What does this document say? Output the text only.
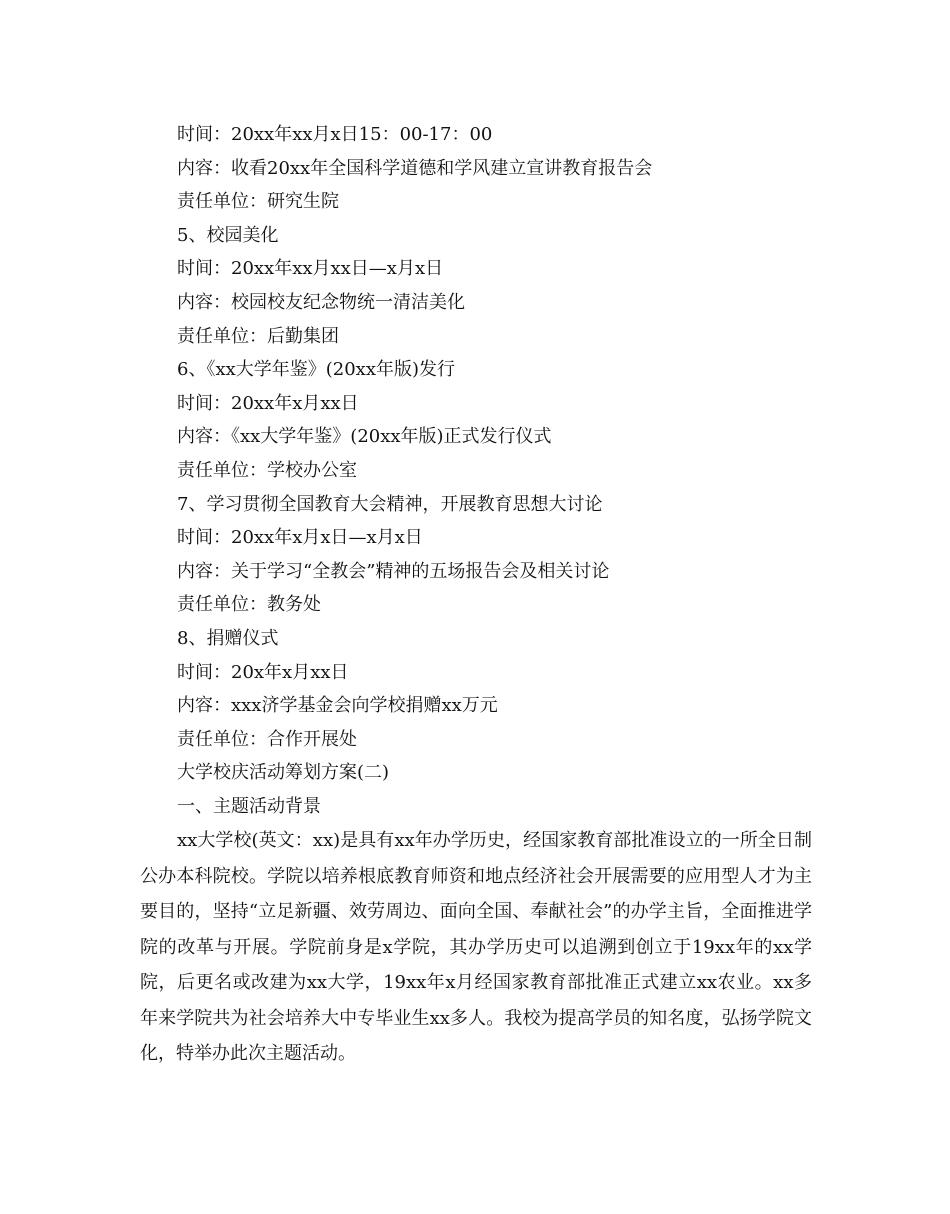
时间：20xx年xx月x日15：00-17：00
内容：收看20xx年全国科学道德和学风建立宣讲教育报告会
责任单位：研究生院
5、校园美化
时间：20xx年xx月xx日—x月x日
内容：校园校友纪念物统一清洁美化
责任单位：后勤集团
6、《xx大学年鉴》(20xx年版)发行
时间：20xx年x月xx日
内容：《xx大学年鉴》(20xx年版)正式发行仪式
责任单位：学校办公室
7、学习贯彻全国教育大会精神，开展教育思想大讨论
时间：20xx年x月x日—x月x日
内容：关于学习“全教会”精神的五场报告会及相关讨论
责任单位：教务处
8、捐赠仪式
时间：20x年x月xx日
内容：xxx济学基金会向学校捐赠xx万元
责任单位：合作开展处
大学校庆活动筹划方案(二)
一、主题活动背景

xx大学校(英文：xx)是具有xx年办学历史，经国家教育部批准设立的一所全日制公办本科院校。学院以培养根底教育师资和地点经济社会开展需要的应用型人才为主要目的，坚持“立足新疆、效劳周边、面向全国、奉献社会”的办学主旨，全面推进学院的改革与开展。学院前身是x学院，其办学历史可以追溯到创立于19xx年的xx学院，后更名或改建为xx大学，19xx年x月经国家教育部批准正式建立xx农业。xx多年来学院共为社会培养大中专毕业生xx多人。我校为提高学员的知名度，弘扬学院文化，特举办此次主题活动。
